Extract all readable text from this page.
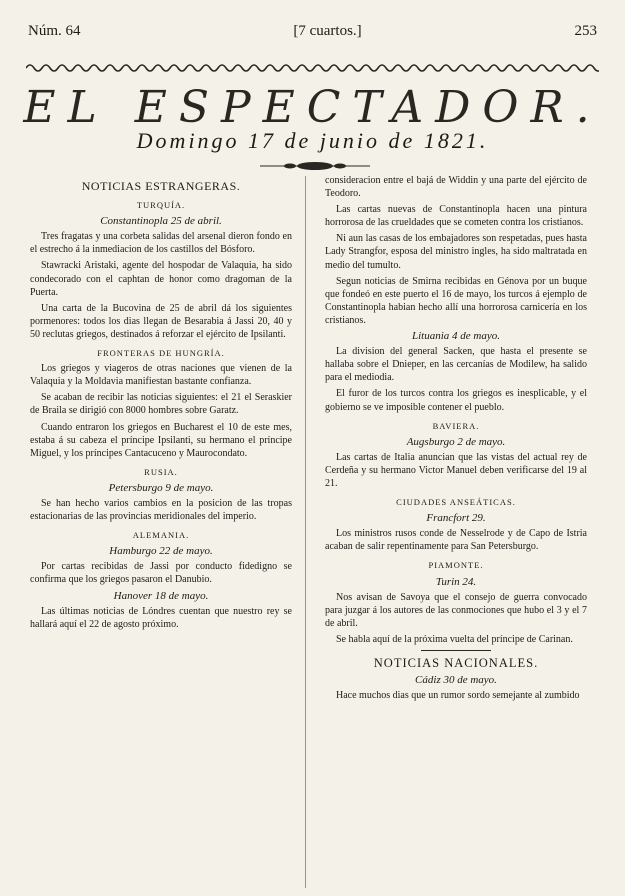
Núm. 64	[7 cuartos.]	253
EL ESPECTADOR.
Domingo 17 de junio de 1821.
NOTICIAS ESTRANGERAS.
TURQUÍA.
Constantinopla 25 de abril.

Tres fragatas y una corbeta salidas del arsenal dieron fondo en el estrecho á la inmediacion de los castillos del Bósforo.

Stawracki Aristaki, agente del hospodar de Valaquia, ha sido condecorado con el caphtan de honor como dragoman de la Puerta.

Una carta de la Bucovina de 25 de abril dá los siguientes pormenores: todos los dias llegan de Besarabia á Jassi 20, 40 y 50 reclutas griegos, destinados á reforzar el ejército de Ipsilanti.

FRONTERAS DE HUNGRÍA.

Los griegos y viageros de otras naciones que vienen de la Valaquia y la Moldavia manifiestan bastante confianza.

Se acaban de recibir las noticias siguientes: el 21 el Seraskier de Braila se dirigió con 8000 hombres sobre Garatz.

Cuando entraron los griegos en Bucharest el 10 de este mes, estaba á su cabeza el príncipe Ipsilanti, su hermano el príncipe Miguel, y los príncipes Cantacuceno y Maurocondato.

RUSIA.
Petersburgo 9 de mayo.

Se han hecho varios cambios en la posicion de las tropas estacionarias de las provincias meridionales del imperio.

ALEMANIA.
Hamburgo 22 de mayo.

Por cartas recibidas de Jassi por conducto fidedigno se confirma que los griegos pasaron el Danubio.

Hanover 18 de mayo.

Las últimas noticias de Lóndres cuentan que nuestro rey se hallará aquí el 22 de agosto próximo.

consideracion entre el bajá de Widdin y una parte del ejército de Teodoro.

Las cartas nuevas de Constantinopla hacen una pintura horrorosa de las crueldades que se cometen contra los cristianos.

Ni aun las casas de los embajadores son respetadas, pues hasta Lady Strangfor, esposa del ministro ingles, ha sido maltratada en medio del tumulto.

Segun noticias de Smirna recibidas en Génova por un buque que fondeó en este puerto el 16 de mayo, los turcos á ejemplo de Constantinopla habian hecho allí una horrorosa carnicería en los cristianos.

Lituania 4 de mayo.

La division del general Sacken, que hasta el presente se hallaba sobre el Dnieper, en las cercanías de Modilew, ha salido para el mediodia.

El furor de los turcos contra los griegos es inesplicable, y el gobierno se ve imposible contener el pueblo.

BAVIERA.
Augsburgo 2 de mayo.

Las cartas de Italia anuncian que las vistas del actual rey de Cerdeña y su hermano Victor Manuel deben verificarse del 19 al 21.

CIUDADES ANSEÁTICAS.
Francfort 29.

Los ministros rusos conde de Nesselrode y de Capo de Istria acaban de salir repentinamente para San Petersburgo.

PIAMONTE.
Turin 24.

Nos avisan de Savoya que el consejo de guerra convocado para juzgar á los autores de las conmociones que hubo el 3 y el 7 de abril.

Se habla aquí de la próxima vuelta del príncipe de Carinan.

NOTICIAS NACIONALES.
Cádiz 30 de mayo.

Hace muchos dias que un rumor sordo semejante al zumbido
